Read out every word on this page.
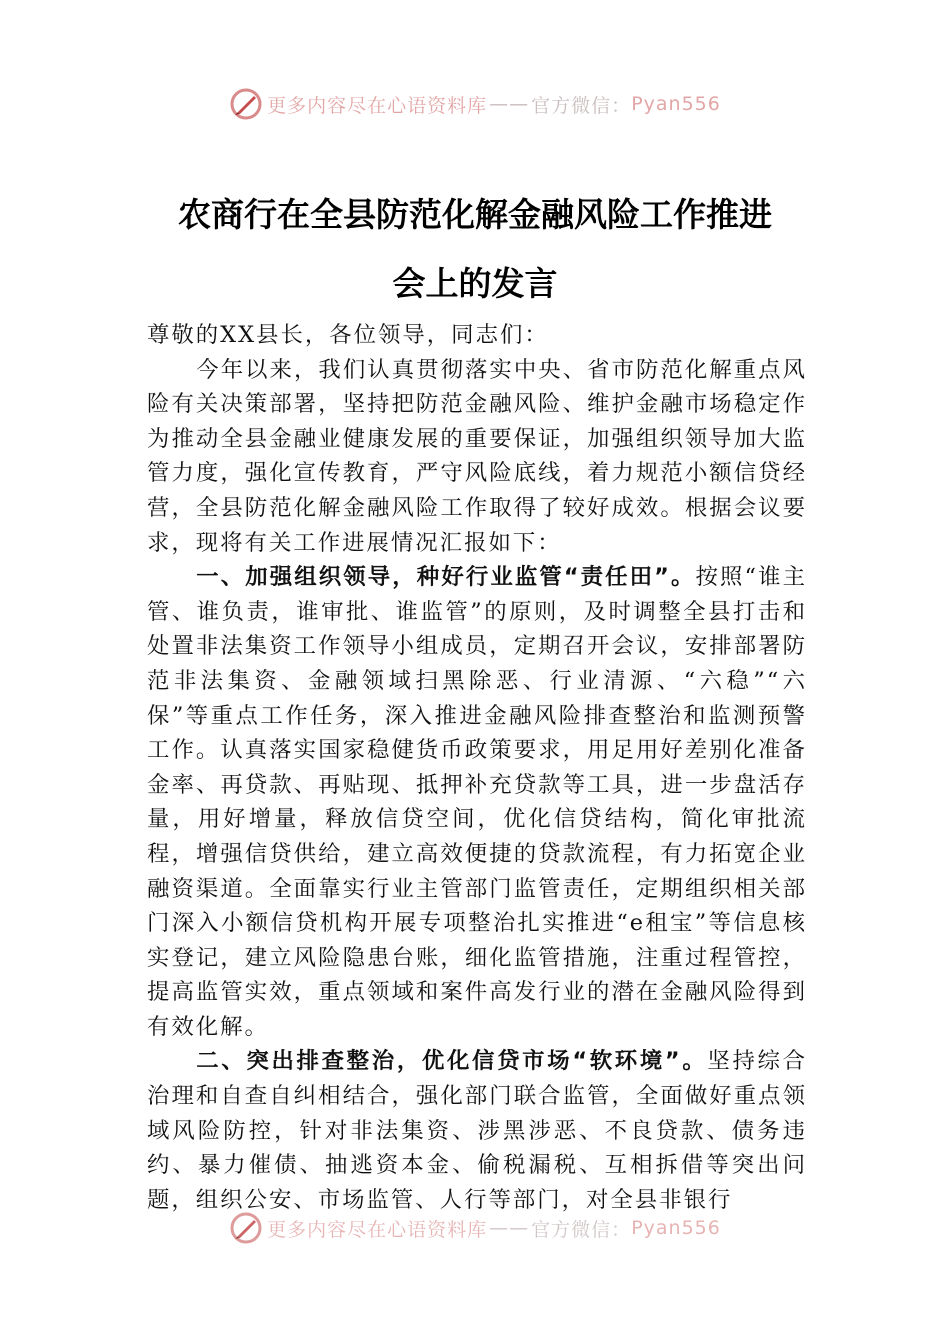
更多内容尽在心语资料库 —— 官方微信： Pyan556
农商行在全县防范化解金融风险工作推进
会上的发言

尊敬的XX县长，各位领导，同志们：

今年以来，我们认真贯彻落实中央、省市防范化解重点风险有关决策部署，坚持把防范金融风险、维护金融市场稳定作为推动全县金融业健康发展的重要保证，加强组织领导加大监管力度，强化宣传教育，严守风险底线，着力规范小额信贷经营，全县防范化解金融风险工作取得了较好成效。根据会议要求，现将有关工作进展情况汇报如下：

一、加强组织领导，种好行业监管“责任田”。按照“谁主管、谁负责，谁审批、谁监管”的原则，及时调整全县打击和处置非法集资工作领导小组成员，定期召开会议，安排部署防范非法集资、金融领域扫黑除恶、行业清源、“六稳”“六保”等重点工作任务，深入推进金融风险排查整治和监测预警工作。认真落实国家稳健货币政策要求，用足用好差别化准备金率、再贷款、再贴现、抵押补充贷款等工具，进一步盘活存量，用好增量，释放信贷空间，优化信贷结构，简化审批流程，增强信贷供给，建立高效便捷的贷款流程，有力拓宽企业融资渠道。全面靠实行业主管部门监管责任，定期组织相关部门深入小额信贷机构开展专项整治扎实推进“e租宝”等信息核实登记，建立风险隐患台账，细化监管措施，注重过程管控，提高监管实效，重点领域和案件高发行业的潜在金融风险得到有效化解。

二、突出排查整治，优化信贷市场“软环境”。坚持综合治理和自查自纠相结合，强化部门联合监管，全面做好重点领域风险防控，针对非法集资、涉黑涉恶、不良贷款、债务违约、暴力催债、抽逃资本金、偷税漏税、互相拆借等突出问题，组织公安、市场监管、人行等部门，对全县非银行

更多内容尽在心语资料库 —— 官方微信： Pyan556
